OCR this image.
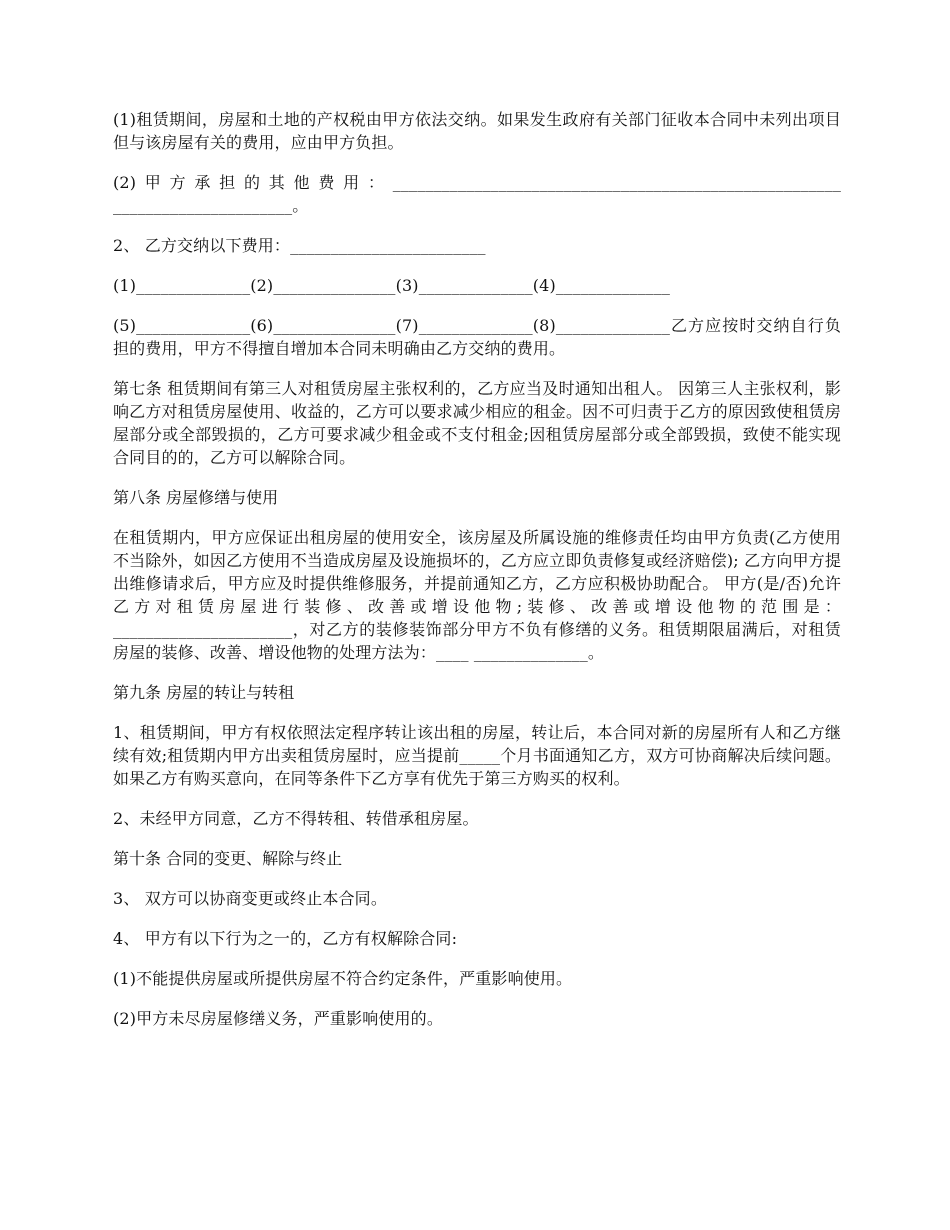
(1)租赁期间，房屋和土地的产权税由甲方依法交纳。如果发生政府有关部门征收本合同中未列出项目但与该房屋有关的费用，应由甲方负担。

(2)甲方承担的其他费用：_______________________________________________________ ______________________。

2、 乙方交纳以下费用：________________________

(1)______________(2)_______________(3)______________(4)______________

(5)______________(6)_______________(7)______________(8)______________乙方应按时交纳自行负担的费用，甲方不得擅自增加本合同未明确由乙方交纳的费用。

第七条 租赁期间有第三人对租赁房屋主张权利的，乙方应当及时通知出租人。 因第三人主张权利，影响乙方对租赁房屋使用、收益的，乙方可以要求减少相应的租金。因不可归责于乙方的原因致使租赁房屋部分或全部毁损的，乙方可要求减少租金或不支付租金;因租赁房屋部分或全部毁损，致使不能实现合同目的的，乙方可以解除合同。

第八条 房屋修缮与使用

在租赁期内，甲方应保证出租房屋的使用安全，该房屋及所属设施的维修责任均由甲方负责(乙方使用不当除外，如因乙方使用不当造成房屋及设施损坏的，乙方应立即负责修复或经济赔偿); 乙方向甲方提出维修请求后，甲方应及时提供维修服务，并提前通知乙方，乙方应积极协助配合。 甲方(是/否)允许乙方对租赁房屋进行装修、改善或增设他物;装修、改善或增设他物的范围是：______________________，对乙方的装修装饰部分甲方不负有修缮的义务。租赁期限届满后，对租赁房屋的装修、改善、增设他物的处理方法为：____ ______________。

第九条 房屋的转让与转租

1、租赁期间，甲方有权依照法定程序转让该出租的房屋，转让后，本合同对新的房屋所有人和乙方继续有效;租赁期内甲方出卖租赁房屋时，应当提前_____个月书面通知乙方，双方可协商解决后续问题。如果乙方有购买意向，在同等条件下乙方享有优先于第三方购买的权利。

2、未经甲方同意，乙方不得转租、转借承租房屋。

第十条 合同的变更、解除与终止

3、 双方可以协商变更或终止本合同。

4、 甲方有以下行为之一的，乙方有权解除合同:

(1)不能提供房屋或所提供房屋不符合约定条件，严重影响使用。

(2)甲方未尽房屋修缮义务，严重影响使用的。
